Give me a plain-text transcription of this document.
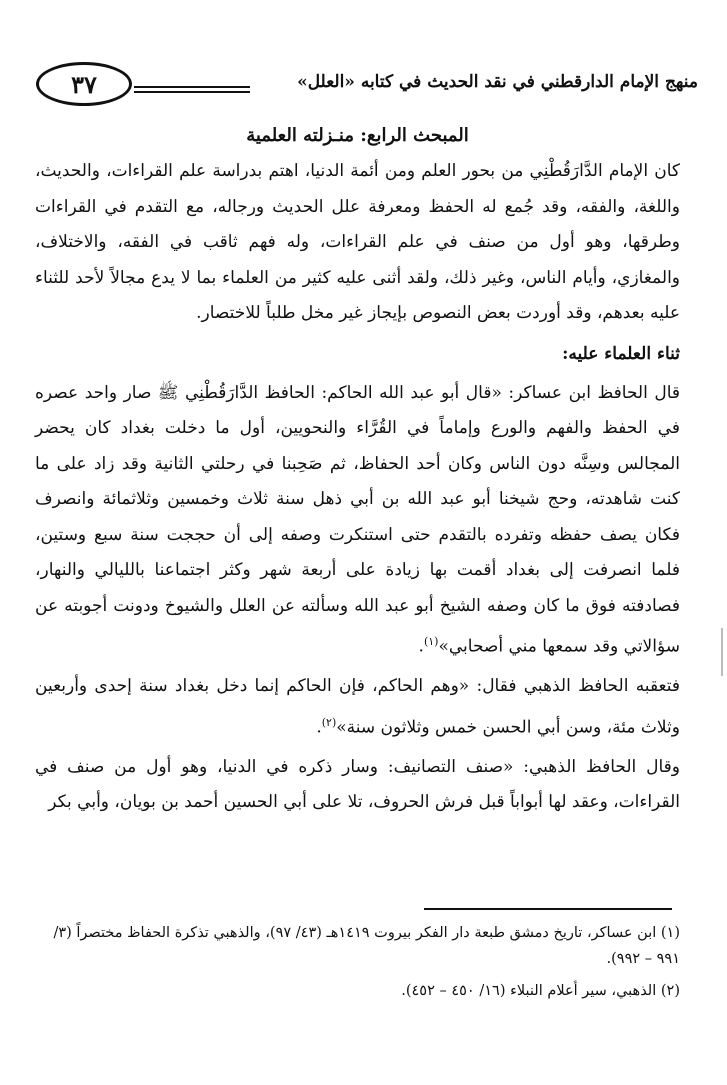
٣٧	منهج الإمام الدارقطني في نقد الحديث في كتابه «العلل»
المبحث الرابع: منـزلته العلمية

كان الإمام الدَّارَقُطْنِي من بحور العلم ومن أئمة الدنيا، اهتم بدراسة علم القراءات، والحديث، واللغة، والفقه، وقد جُمع له الحفظ ومعرفة علل الحديث ورجاله، مع التقدم في القراءات وطرقها، وهو أول من صنف في علم القراءات، وله فهم ثاقب في الفقه، والاختلاف، والمغازي، وأيام الناس، وغير ذلك، ولقد أثنى عليه كثير من العلماء بما لا يدع مجالاً لأحد للثناء عليه بعدهم، وقد أوردت بعض النصوص بإيجاز غير مخل طلباً للاختصار.

ثناء العلماء عليه:

قال الحافظ ابن عساكر: «قال أبو عبد الله الحاكم: الحافظ الدَّارَقُطْنِي ﷺ صار واحد عصره في الحفظ والفهم والورع وإماماً في القُرَّاء والنحويين، أول ما دخلت بغداد كان يحضر المجالس وسِنَّه دون الناس وكان أحد الحفاظ، ثم صَحِبنا في رحلتي الثانية وقد زاد على ما كنت شاهدته، وحج شيخنا أبو عبد الله بن أبي ذهل سنة ثلاث وخمسين وثلاثمائة وانصرف فكان يصف حفظه وتفرده بالتقدم حتى استنكرت وصفه إلى أن حججت سنة سبع وستين، فلما انصرفت إلى بغداد أقمت بها زيادة على أربعة شهر وكثر اجتماعنا بالليالي والنهار، فصادفته فوق ما كان وصفه الشيخ أبو عبد الله وسألته عن العلل والشيوخ ودونت أجوبته عن سؤالاتي وقد سمعها مني أصحابي»$^{(١)}$.

فتعقبه الحافظ الذهبي فقال: «وهم الحاكم، فإن الحاكم إنما دخل بغداد سنة إحدى وأربعين وثلاث مئة، وسن أبي الحسن خمس وثلاثون سنة»$^{(٢)}$.

وقال الحافظ الذهبي: «صنف التصانيف: وسار ذكره في الدنيا، وهو أول من صنف في القراءات، وعقد لها أبواباً قبل فرش الحروف، تلا على أبي الحسين أحمد بن بويان، وأبي بكر

(١) ابن عساكر، تاريخ دمشق طبعة دار الفكر بيروت ١٤١٩هـ (٤٣/ ٩٧)، والذهبي تذكرة الحفاظ مختصراً (٣/ ٩٩١ – ٩٩٢).

(٢) الذهبي، سير أعلام النبلاء (١٦/ ٤٥٠ – ٤٥٢).
